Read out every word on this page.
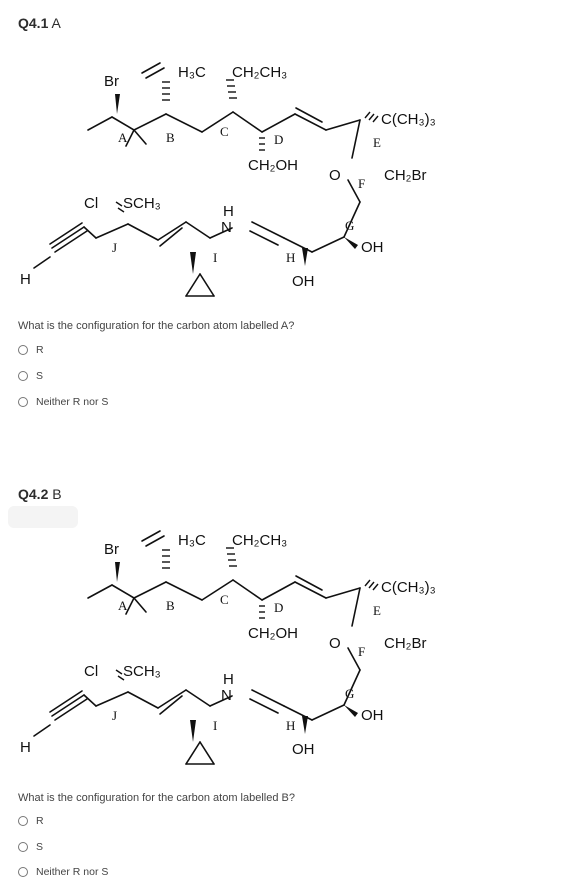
Q4.1 A
Br
H₃C CH₂CH₃
C(CH₃)₃
CH₂OH
O	CH₂Br
Cl SCH₃	H
N
OH
OH
H
H
A	B	C
D	E
F
G
I
J
What is the configuration for the carbon atom labelled A?
R
S
Neither R nor S
Q4.2 B
Br
H₃C CH₂CH₃
C(CH₃)₃
CH₂OH
O	CH₂Br
Cl SCH₃	H
N
OH
OH
H
H
A	B	C
D	E
F
G
I
J
What is the configuration for the carbon atom labelled B?
R
S
Neither R nor S
